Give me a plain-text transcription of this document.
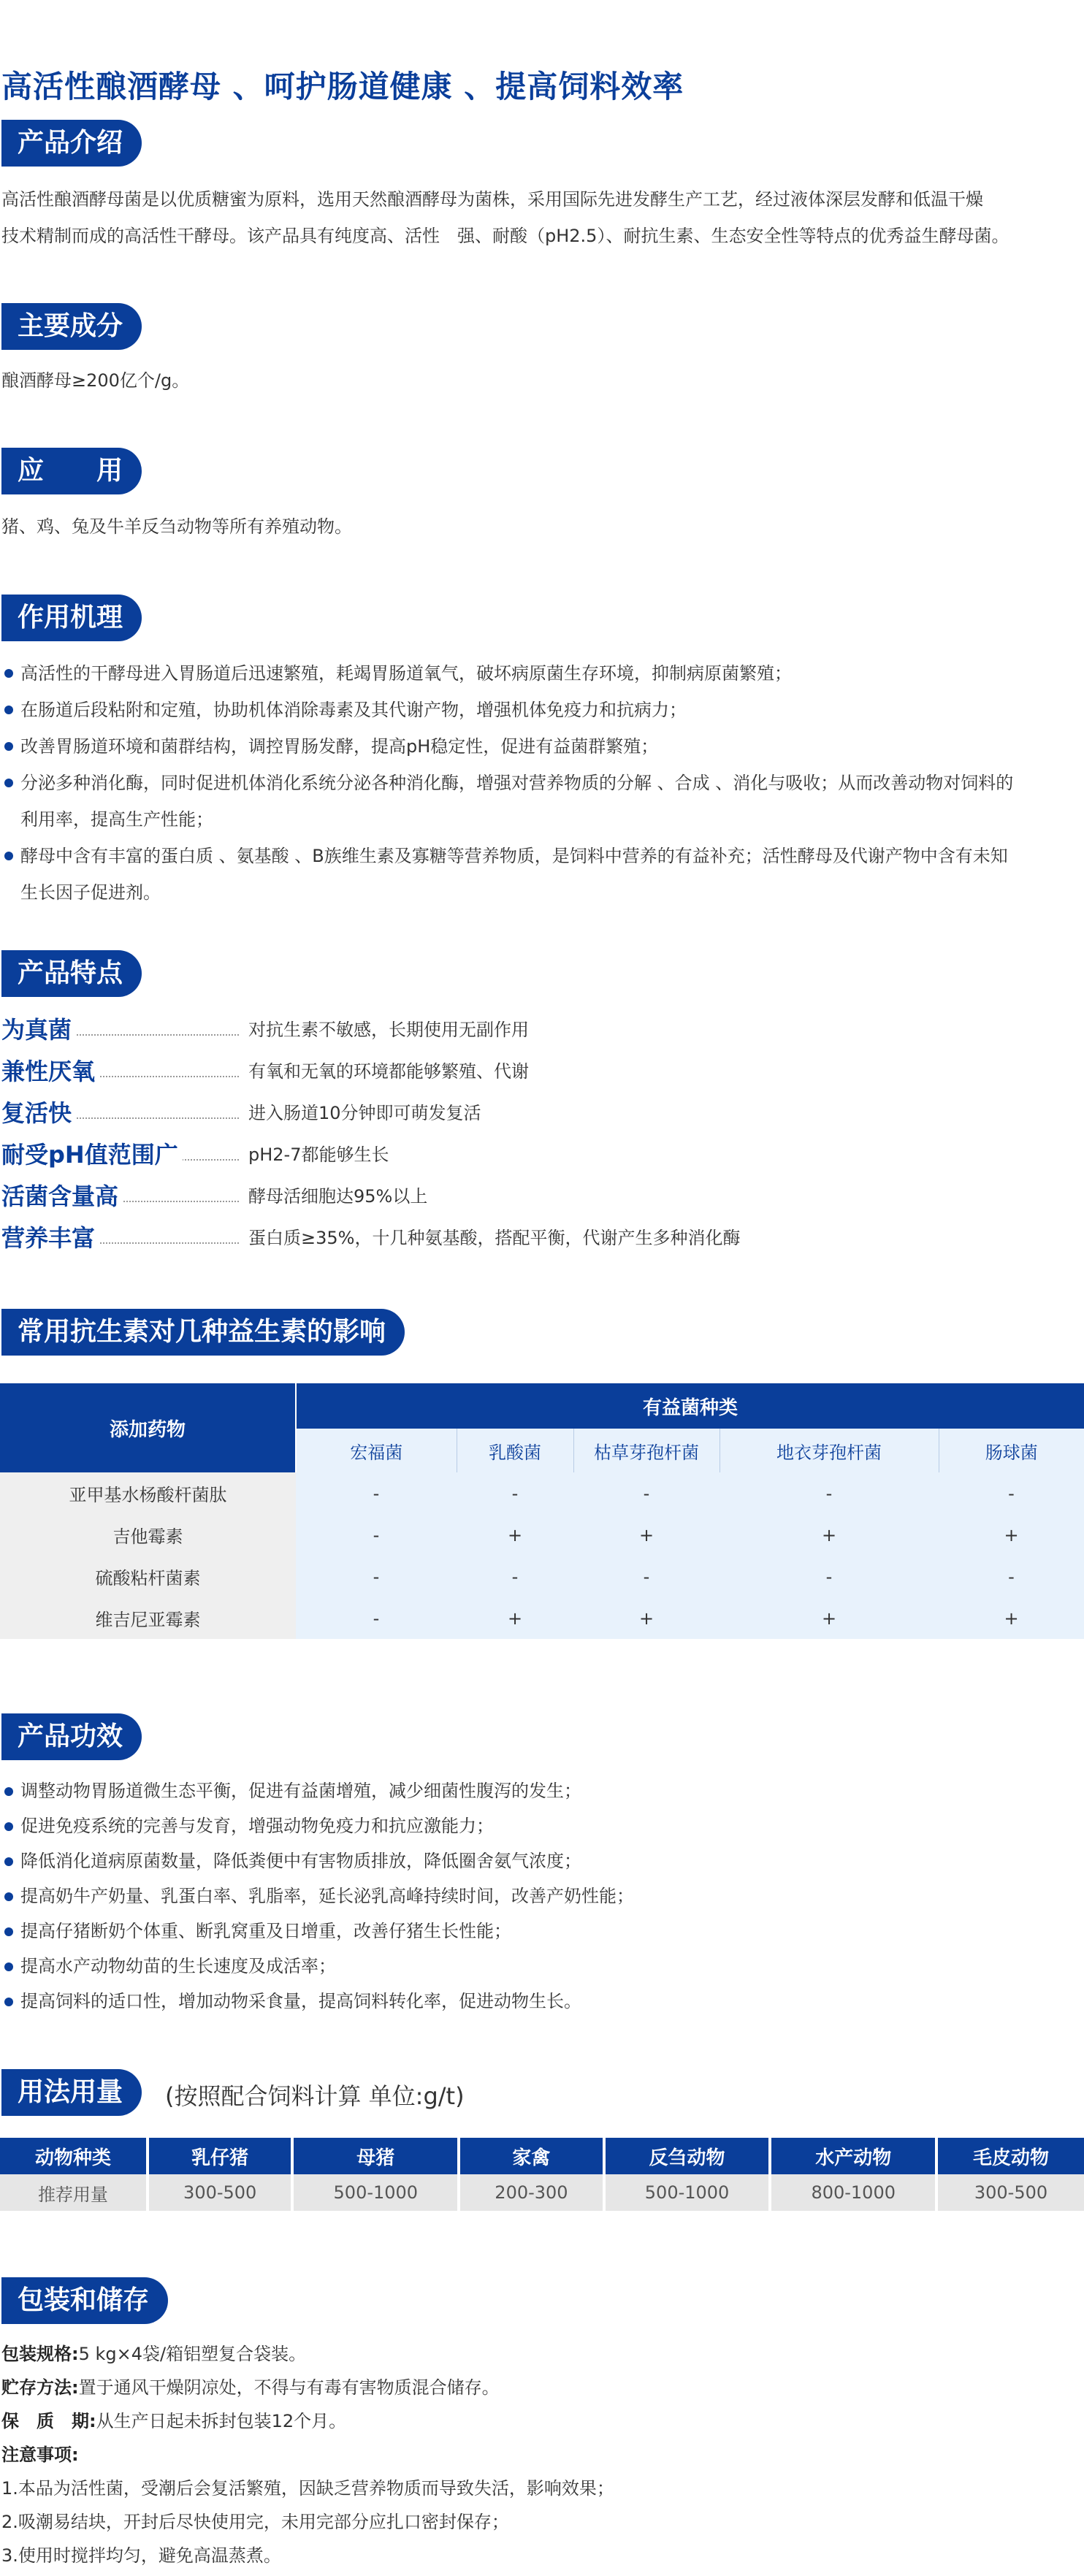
高活性酿酒酵母 、呵护肠道健康 、提高饲料效率
产品介绍
高活性酿酒酵母菌是以优质糖蜜为原料，选用天然酿酒酵母为菌株，采用国际先进发酵生产工艺，经过液体深层发酵和低温干燥
技术精制而成的高活性干酵母。该产品具有纯度高、活性　强、耐酸（pH2.5）、耐抗生素、生态安全性等特点的优秀益生酵母菌。
主要成分
酿酒酵母≥200亿个/g。
应　　用
猪、鸡、兔及牛羊反刍动物等所有养殖动物。
作用机理
高活性的干酵母进入胃肠道后迅速繁殖，耗竭胃肠道氧气，破坏病原菌生存环境，抑制病原菌繁殖；
在肠道后段粘附和定殖，协助机体消除毒素及其代谢产物，增强机体免疫力和抗病力；
改善胃肠道环境和菌群结构，调控胃肠发酵，提高pH稳定性，促进有益菌群繁殖；
分泌多种消化酶，同时促进机体消化系统分泌各种消化酶，增强对营养物质的分解 、合成 、消化与吸收；从而改善动物对饲料的
利用率，提高生产性能；
酵母中含有丰富的蛋白质 、氨基酸 、B族维生素及寡糖等营养物质，是饲料中营养的有益补充；活性酵母及代谢产物中含有未知
生长因子促进剂。
产品特点
为真菌	对抗生素不敏感，长期使用无副作用
兼性厌氧	有氧和无氧的环境都能够繁殖、代谢
复活快	进入肠道10分钟即可萌发复活
耐受pH值范围广	pH2-7都能够生长
活菌含量高	酵母活细胞达95%以上
营养丰富	蛋白质≥35%，十几种氨基酸，搭配平衡，代谢产生多种消化酶
常用抗生素对几种益生素的影响
添加药物	有益菌种类				
	宏福菌	乳酸菌	枯草芽孢杆菌	地衣芽孢杆菌	肠球菌
亚甲基水杨酸杆菌肽	-	-	-	-	-
吉他霉素	-	+	+	+	+
硫酸粘杆菌素	-	-	-	-	-
维吉尼亚霉素	-	+	+	+	+
产品功效
调整动物胃肠道微生态平衡，促进有益菌增殖，减少细菌性腹泻的发生；
促进免疫系统的完善与发育，增强动物免疫力和抗应激能力；
降低消化道病原菌数量，降低粪便中有害物质排放，降低圈舍氨气浓度；
提高奶牛产奶量、乳蛋白率、乳脂率，延长泌乳高峰持续时间，改善产奶性能；
提高仔猪断奶个体重、断乳窝重及日增重，改善仔猪生长性能；
提高水产动物幼苗的生长速度及成活率；
提高饲料的适口性，增加动物采食量，提高饲料转化率，促进动物生长。
用法用量	(按照配合饲料计算 单位:g/t)
动物种类	乳仔猪	母猪	家禽	反刍动物	水产动物	毛皮动物
推荐用量	300-500	500-1000	200-300	500-1000	800-1000	300-500
包装和储存
包装规格:5 kg×4袋/箱铝塑复合袋装。
贮存方法:置于通风干燥阴凉处，不得与有毒有害物质混合储存。
保　质　期:从生产日起未拆封包装12个月。
注意事项:
1.本品为活性菌，受潮后会复活繁殖，因缺乏营养物质而导致失活，影响效果；
2.吸潮易结块，开封后尽快使用完，未用完部分应扎口密封保存；
3.使用时搅拌均匀，避免高温蒸煮。
